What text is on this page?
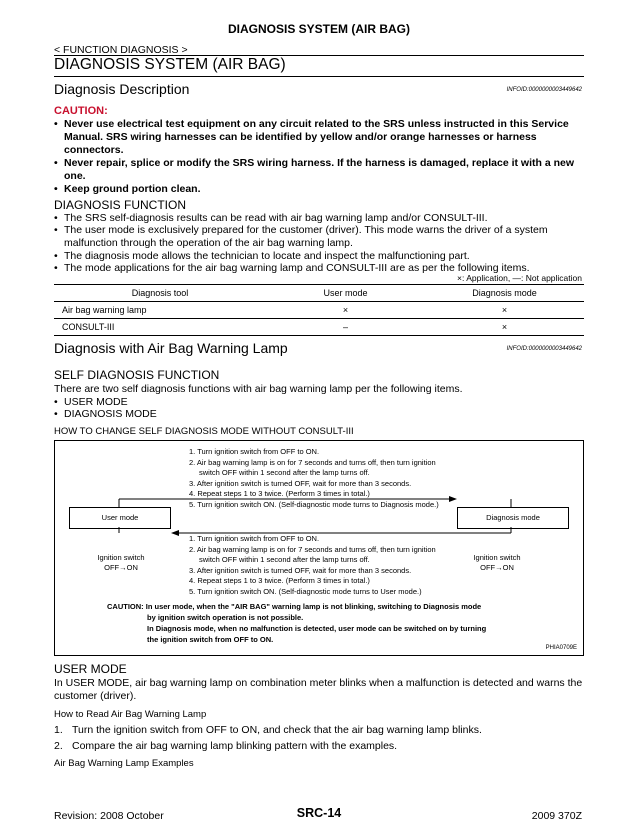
DIAGNOSIS SYSTEM (AIR BAG)
< FUNCTION DIAGNOSIS >
DIAGNOSIS SYSTEM (AIR BAG)
Diagnosis Description	INFOID:0000000003449642
CAUTION:
• Never use electrical test equipment on any circuit related to the SRS unless instructed in this Service Manual. SRS wiring harnesses can be identified by yellow and/or orange harnesses or harness connectors.
• Never repair, splice or modify the SRS wiring harness. If the harness is damaged, replace it with a new one.
• Keep ground portion clean.
DIAGNOSIS FUNCTION
• The SRS self-diagnosis results can be read with air bag warning lamp and/or CONSULT-III.
• The user mode is exclusively prepared for the customer (driver). This mode warns the driver of a system malfunction through the operation of the air bag warning lamp.
• The diagnosis mode allows the technician to locate and inspect the malfunctioning part.
• The mode applications for the air bag warning lamp and CONSULT-III are as per the following items.
×: Application, —: Not application
Diagnosis tool	User mode	Diagnosis mode
Air bag warning lamp	×	×
CONSULT-III	–	×
Diagnosis with Air Bag Warning Lamp	INFOID:0000000003449642
SELF DIAGNOSIS FUNCTION
There are two self diagnosis functions with air bag warning lamp per the following items.
• USER MODE
• DIAGNOSIS MODE
HOW TO CHANGE SELF DIAGNOSIS MODE WITHOUT CONSULT-III
1. Turn ignition switch from OFF to ON.
2. Air bag warning lamp is on for 7 seconds and turns off, then turn ignition
switch OFF within 1 second after the lamp turns off.
3. After ignition switch is turned OFF, wait for more than 3 seconds.
4. Repeat steps 1 to 3 twice. (Perform 3 times in total.)
5. Turn ignition switch ON. (Self-diagnostic mode turns to Diagnosis mode.)
User mode	Diagnosis mode
1. Turn ignition switch from OFF to ON.
2. Air bag warning lamp is on for 7 seconds and turns off, then turn ignition
switch OFF within 1 second after the lamp turns off.
3. After ignition switch is turned OFF, wait for more than 3 seconds.
4. Repeat steps 1 to 3 twice. (Perform 3 times in total.)
5. Turn ignition switch ON. (Self-diagnostic mode turns to User mode.)
Ignition switch
OFF→ON
Ignition switch
OFF→ON
CAUTION: In user mode, when the "AIR BAG" warning lamp is not blinking, switching to Diagnosis mode
by ignition switch operation is not possible.
In Diagnosis mode, when no malfunction is detected, user mode can be switched on by turning
the ignition switch from OFF to ON.
PHIA0709E
USER MODE
In USER MODE, air bag warning lamp on combination meter blinks when a malfunction is detected and warns the customer (driver).
How to Read Air Bag Warning Lamp
1. Turn the ignition switch from OFF to ON, and check that the air bag warning lamp blinks.
2. Compare the air bag warning lamp blinking pattern with the examples.
Air Bag Warning Lamp Examples
Revision: 2008 October	SRC-14	2009 370Z
